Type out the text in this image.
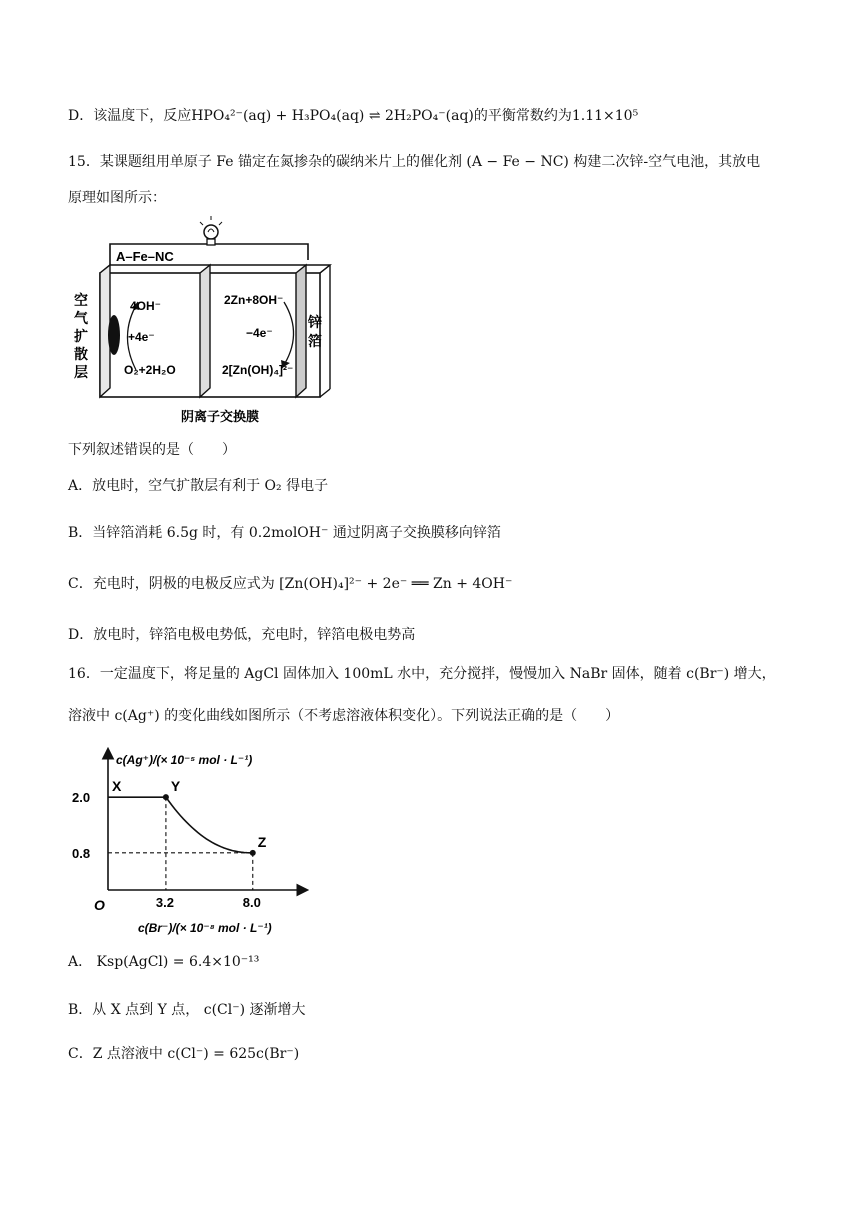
D．该温度下，反应HPO₄²⁻(aq) + H₃PO₄(aq) ⇌ 2H₂PO₄⁻(aq)的平衡常数约为1.11×10⁵
15．某课题组用单原子 Fe 锚定在氮掺杂的碳纳米片上的催化剂 (A − Fe − NC) 构建二次锌-空气电池，其放电
原理如图所示：
A–Fe–NC
4OH⁻
+4e⁻
O₂+2H₂O
2Zn+8OH⁻
−4e⁻
2[Zn(OH)₄]²⁻
阴离子交换膜
空
气
扩
散
层
锌
箔
下列叙述错误的是（　　）
A．放电时，空气扩散层有利于 O₂ 得电子
B．当锌箔消耗 6.5g 时，有 0.2molOH⁻ 通过阴离子交换膜移向锌箔
C．充电时，阴极的电极反应式为 [Zn(OH)₄]²⁻ + 2e⁻ ══ Zn + 4OH⁻
D．放电时，锌箔电极电势低，充电时，锌箔电极电势高
16．一定温度下，将足量的 AgCl 固体加入 100mL 水中，充分搅拌，慢慢加入 NaBr 固体，随着 c(Br⁻) 增大，
溶液中 c(Ag⁺) 的变化曲线如图所示（不考虑溶液体积变化）。下列说法正确的是（　　）
c(Ag⁺)/(× 10⁻⁵ mol · L⁻¹)
c(Br⁻)/(× 10⁻⁸ mol · L⁻¹)
O
X	Y
Z
2.0
0.8
3.2	8.0
A． Ksp(AgCl) = 6.4×10⁻¹³
B．从 X 点到 Y 点， c(Cl⁻) 逐渐增大
C．Z 点溶液中 c(Cl⁻) = 625c(Br⁻)
